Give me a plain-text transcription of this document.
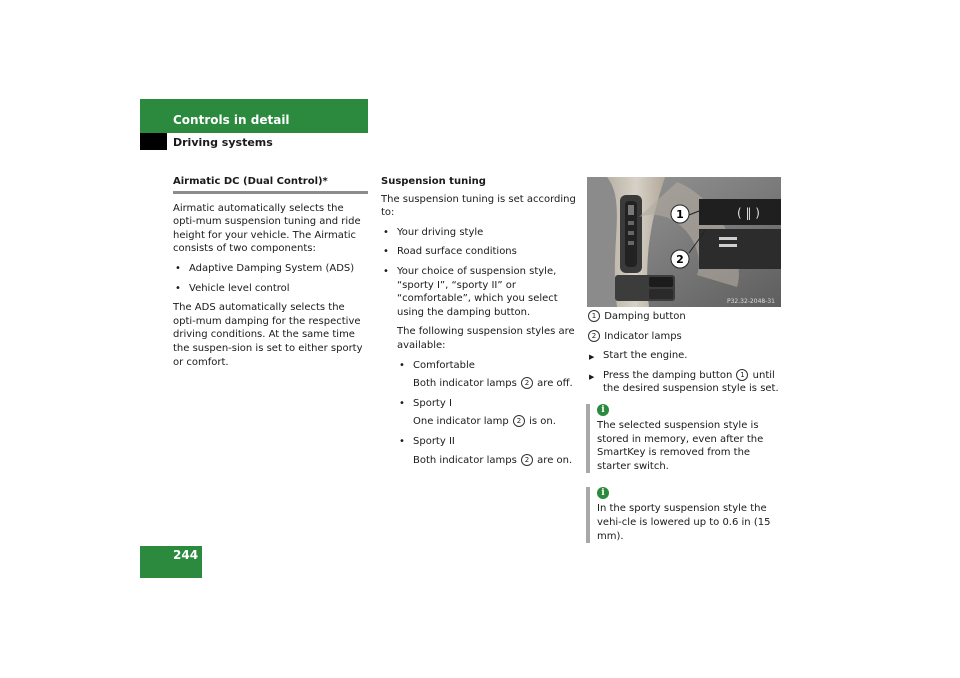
Controls in detail
Driving systems
Airmatic DC (Dual Control)*

Airmatic automatically selects the opti-mum suspension tuning and ride height for your vehicle. The Airmatic consists of two components:

• Adaptive Damping System (ADS)
• Vehicle level control

The ADS automatically selects the opti-mum damping for the respective driving conditions. At the same time the suspen-sion is set to either sporty or comfort.

Suspension tuning

The suspension tuning is set according to:

• Your driving style
• Road surface conditions
• Your choice of suspension style, “sporty I”, “sporty II” or “comfortable”, which you select using the damping button.

The following suspension styles are available:

• Comfortable

Both indicator lamps 2 are off.

• Sporty I

One indicator lamp 2 is on.

• Sporty II

Both indicator lamps 2 are on.

( ‖ )
1
2
P32.32-2048-31

1 Damping button

2 Indicator lamps

▶ Start the engine.
▶ Press the damping button 1 until the desired suspension style is set.
i

The selected suspension style is stored in memory, even after the SmartKey is removed from the starter switch.

i

In the sporty suspension style the vehi-cle is lowered up to 0.6 in (15 mm).

244
